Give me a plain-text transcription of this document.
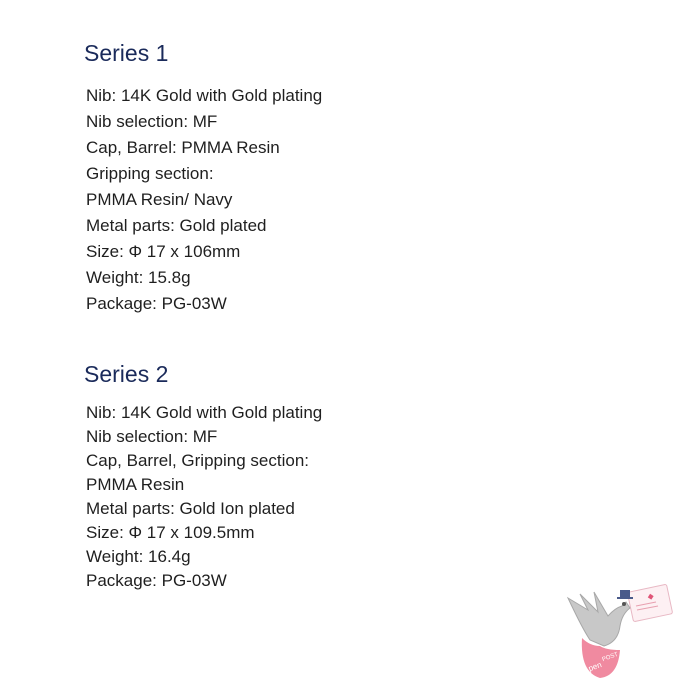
Series 1
Nib: 14K Gold with Gold plating
Nib selection: MF
Cap, Barrel: PMMA Resin
Gripping section:
PMMA Resin/ Navy
Metal parts: Gold plated
Size: Φ 17 x 106mm
Weight: 15.8g
Package: PG-03W
Series 2
Nib: 14K Gold with Gold plating
Nib selection: MF
Cap, Barrel, Gripping section:
PMMA Resin
Metal parts: Gold Ion plated
Size: Φ 17 x 109.5mm
Weight: 16.4g
Package: PG-03W
pen
POST
